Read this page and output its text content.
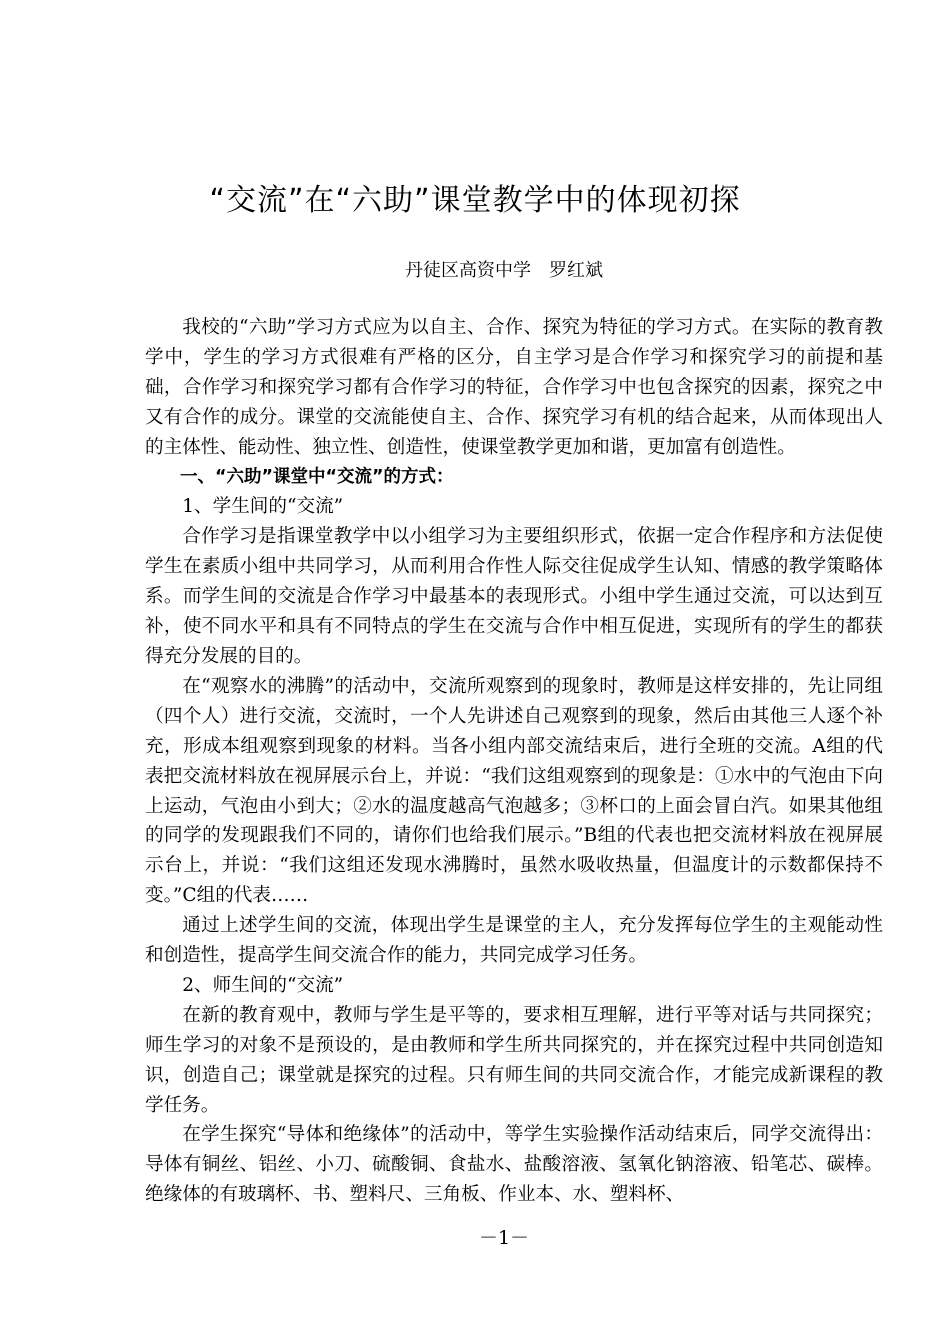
“交流”在“六助”课堂教学中的体现初探
丹徒区高资中学　罗红斌

我校的“六助”学习方式应为以自主、合作、探究为特征的学习方式。在实际的教育教学中，学生的学习方式很难有严格的区分，自主学习是合作学习和探究学习的前提和基础，合作学习和探究学习都有合作学习的特征，合作学习中也包含探究的因素，探究之中又有合作的成分。课堂的交流能使自主、合作、探究学习有机的结合起来，从而体现出人的主体性、能动性、独立性、创造性，使课堂教学更加和谐，更加富有创造性。

一、“六助”课堂中“交流”的方式：

1、学生间的“交流”

合作学习是指课堂教学中以小组学习为主要组织形式，依据一定合作程序和方法促使学生在素质小组中共同学习，从而利用合作性人际交往促成学生认知、情感的教学策略体系。而学生间的交流是合作学习中最基本的表现形式。小组中学生通过交流，可以达到互补，使不同水平和具有不同特点的学生在交流与合作中相互促进，实现所有的学生的都获得充分发展的目的。

在“观察水的沸腾”的活动中，交流所观察到的现象时，教师是这样安排的，先让同组（四个人）进行交流，交流时，一个人先讲述自己观察到的现象，然后由其他三人逐个补充，形成本组观察到现象的材料。当各小组内部交流结束后，进行全班的交流。A组的代表把交流材料放在视屏展示台上，并说：“我们这组观察到的现象是：①水中的气泡由下向上运动，气泡由小到大；②水的温度越高气泡越多；③杯口的上面会冒白汽。如果其他组的同学的发现跟我们不同的，请你们也给我们展示。”B组的代表也把交流材料放在视屏展示台上，并说：“我们这组还发现水沸腾时，虽然水吸收热量，但温度计的示数都保持不变。”C组的代表……

通过上述学生间的交流，体现出学生是课堂的主人，充分发挥每位学生的主观能动性和创造性，提高学生间交流合作的能力，共同完成学习任务。

2、师生间的“交流”

在新的教育观中，教师与学生是平等的，要求相互理解，进行平等对话与共同探究；师生学习的对象不是预设的，是由教师和学生所共同探究的，并在探究过程中共同创造知识，创造自己；课堂就是探究的过程。只有师生间的共同交流合作，才能完成新课程的教学任务。

在学生探究“导体和绝缘体”的活动中，等学生实验操作活动结束后，同学交流得出：导体有铜丝、铝丝、小刀、硫酸铜、食盐水、盐酸溶液、氢氧化钠溶液、铅笔芯、碳棒。绝缘体的有玻璃杯、书、塑料尺、三角板、作业本、水、塑料杯、

－1－
